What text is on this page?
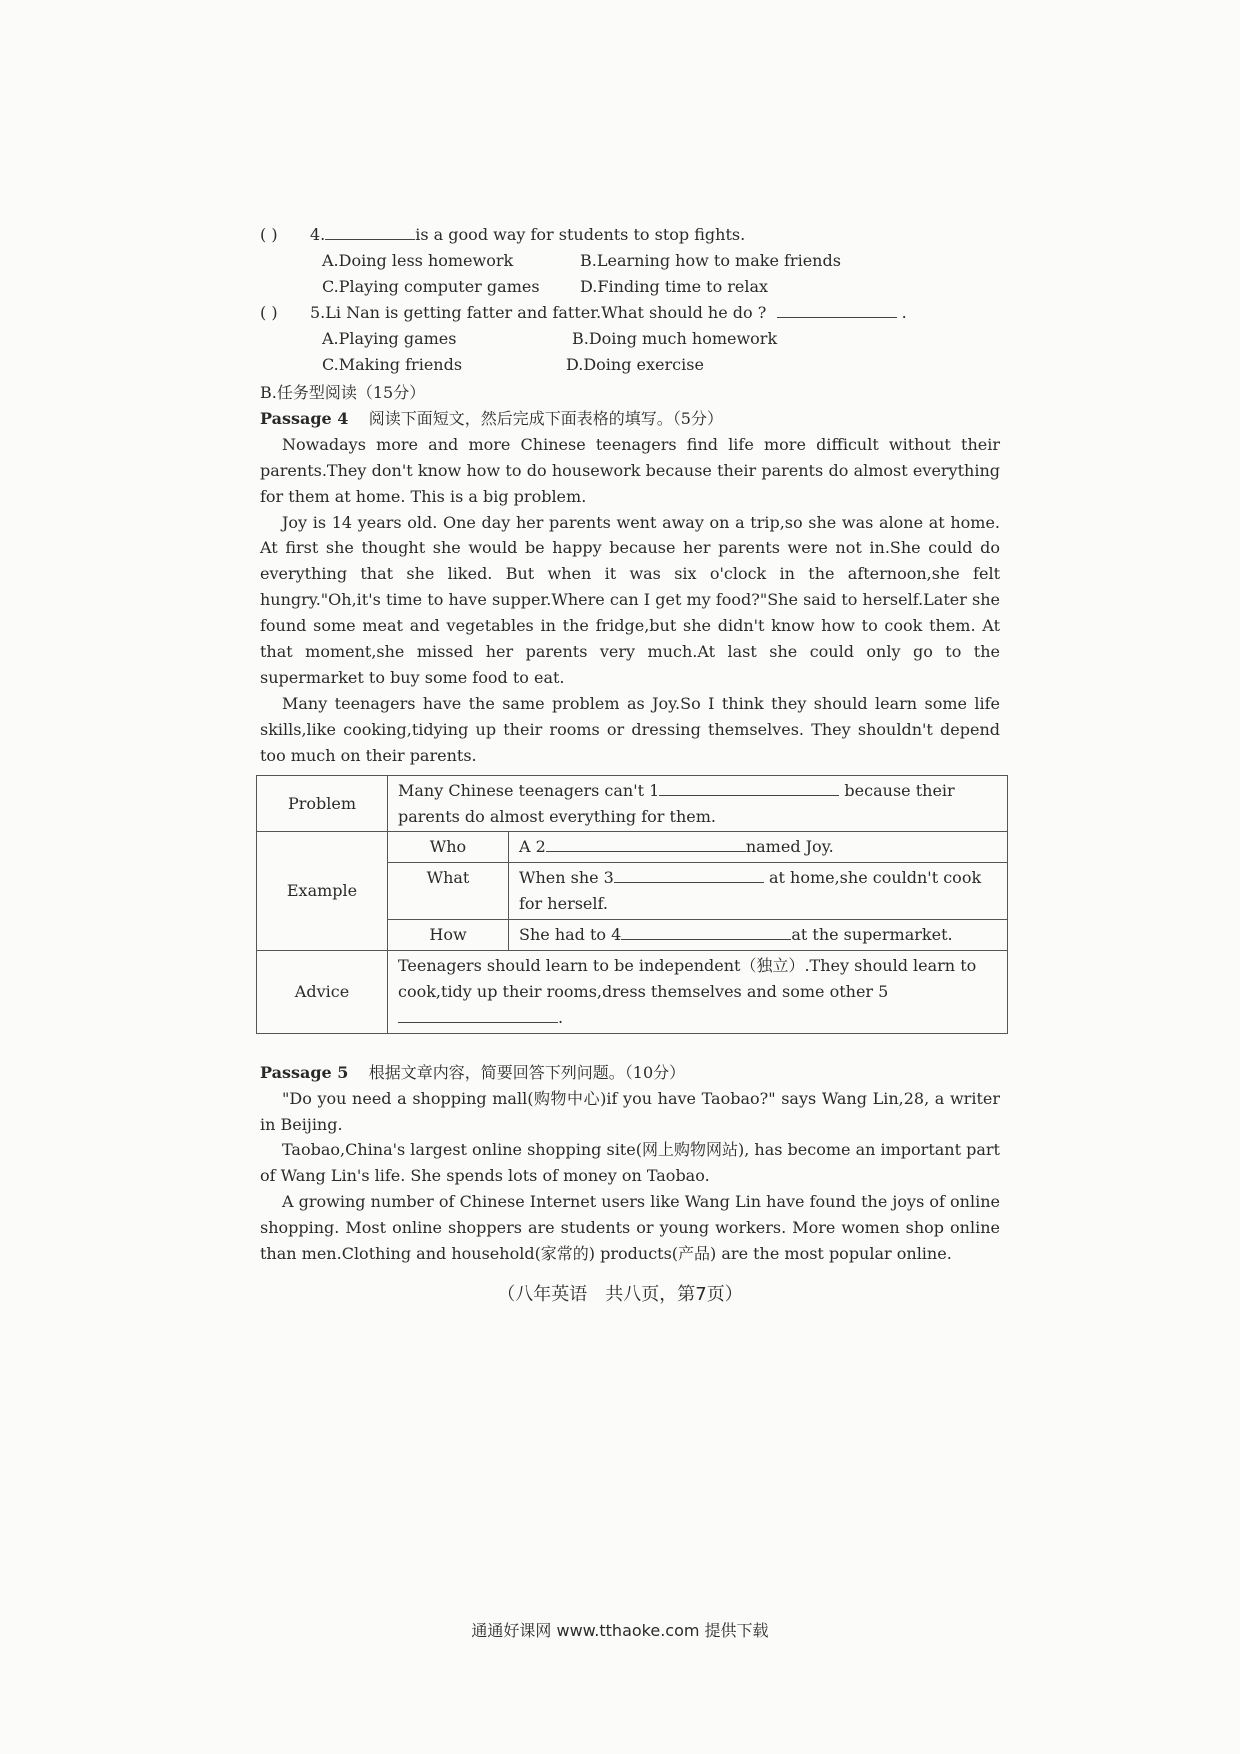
( ) 4.	is a good way for students to stop fights.
A.Doing less homework	B.Learning how to make friends
C.Playing computer games	D.Finding time to relax
( ) 5.Li Nan is getting fatter and fatter.What should he do ?	.
A.Playing games	B.Doing much homework
C.Making friends	D.Doing exercise
B.任务型阅读（15分）
Passage 4 阅读下面短文，然后完成下面表格的填写。（5分）

Nowadays more and more Chinese teenagers find life more difficult without their parents.They don't know how to do housework because their parents do almost everything for them at home. This is a big problem.

Joy is 14 years old. One day her parents went away on a trip,so she was alone at home. At first she thought she would be happy because her parents were not in.She could do everything that she liked. But when it was six o'clock in the afternoon,she felt hungry."Oh,it's time to have supper.Where can I get my food?"She said to herself.Later she found some meat and vegetables in the fridge,but she didn't know how to cook them. At that moment,she missed her parents very much.At last she could only go to the supermarket to buy some food to eat.

Many teenagers have the same problem as Joy.So I think they should learn some life skills,like cooking,tidying up their rooms or dressing themselves. They shouldn't depend too much on their parents.

Problem	Many Chinese teenagers can't 1 because their parents do almost everything for them.	
Example	Who	A 2 named Joy.
	What	When she 3 at home,she couldn't cook for herself.
	How	She had to 4 at the supermarket.
Advice	Teenagers should learn to be independent（独立）.They should learn to cook,tidy up their rooms,dress themselves and some other 5.	
Passage 5 根据文章内容，简要回答下列问题。（10分）

"Do you need a shopping mall(购物中心)if you have Taobao?" says Wang Lin,28, a writer in Beijing.

Taobao,China's largest online shopping site(网上购物网站), has become an important part of Wang Lin's life. She spends lots of money on Taobao.

A growing number of Chinese Internet users like Wang Lin have found the joys of online shopping. Most online shoppers are students or young workers. More women shop online than men.Clothing and household(家常的) products(产品) are the most popular online.

（八年英语　共八页，第7页）
通通好课网 www.tthaoke.com 提供下载
